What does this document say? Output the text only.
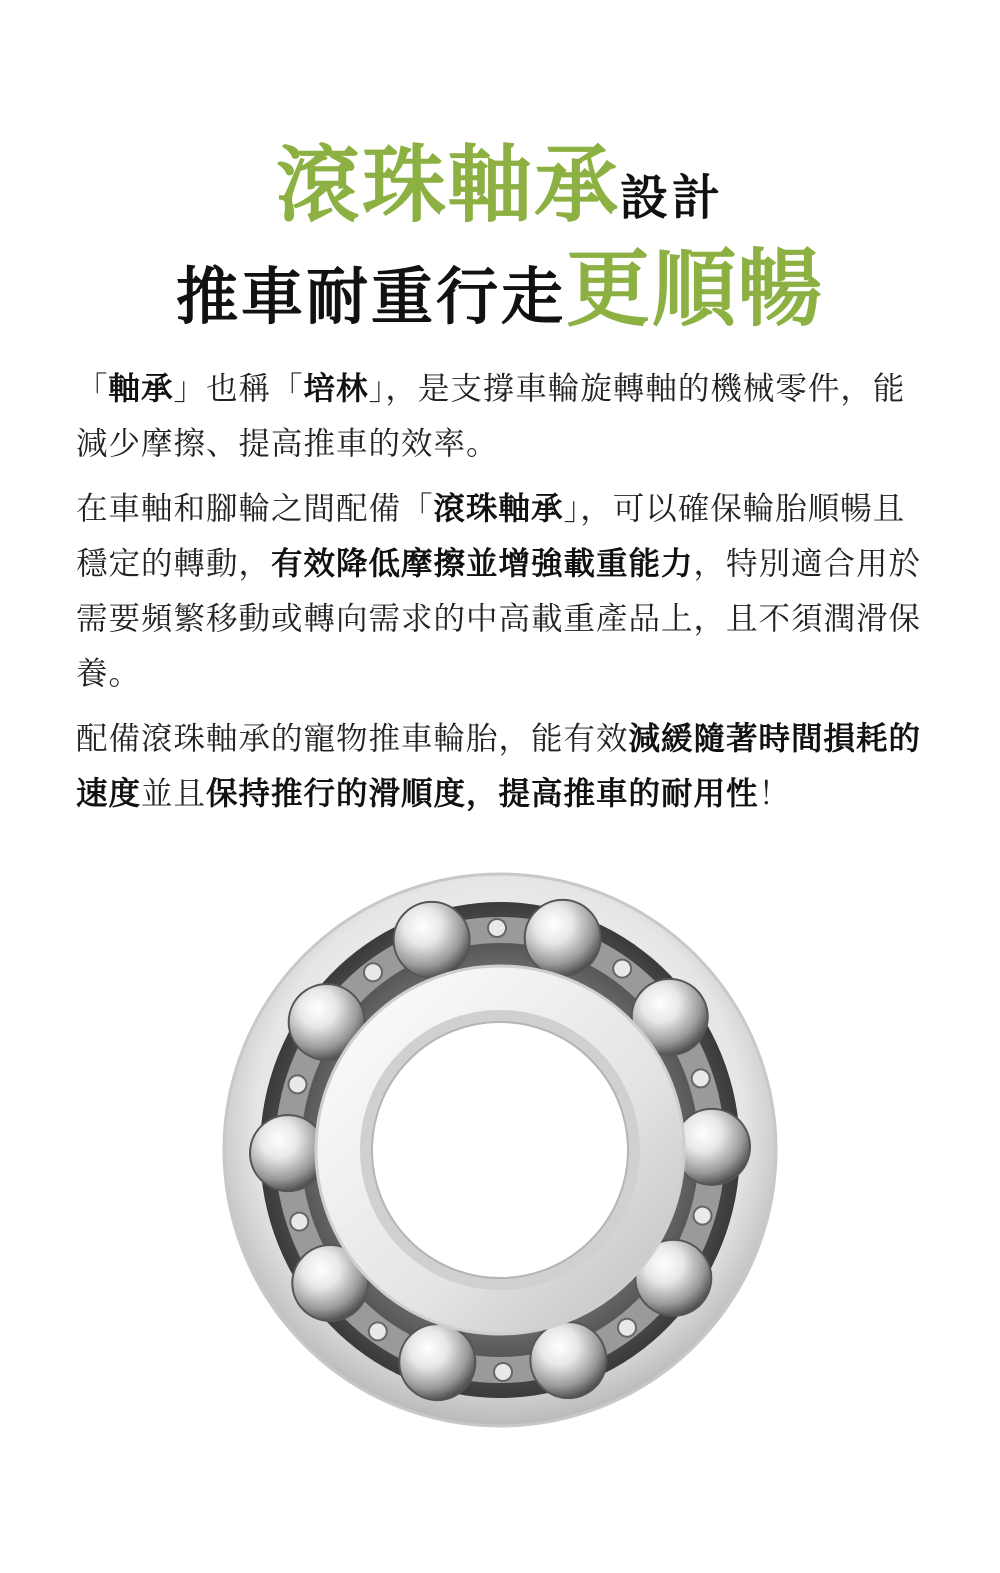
滾珠軸承設計
推車耐重行走更順暢

「軸承」也稱「培林」，是支撐車輪旋轉軸的機械零件，能減少摩擦、提高推車的效率。

在車軸和腳輪之間配備「滾珠軸承」，可以確保輪胎順暢且穩定的轉動，有效降低摩擦並增強載重能力，特別適合用於需要頻繁移動或轉向需求的中高載重產品上，且不須潤滑保養。

配備滾珠軸承的寵物推車輪胎，能有效減緩隨著時間損耗的速度並且保持推行的滑順度，提高推車的耐用性！
